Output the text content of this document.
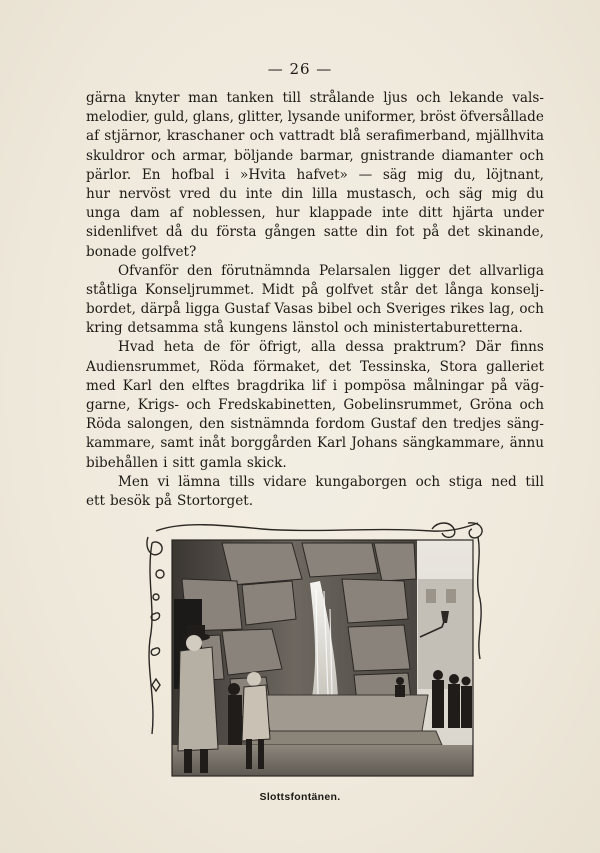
— 26 —
gärna knyter man tanken till strålande ljus och lekande vals-
melodier, guld, glans, glitter, lysande uniformer, bröst öfversållade
af stjärnor, kraschaner och vattradt blå serafimerband, mjällhvita
skuldror och armar, böljande barmar, gnistrande diamanter och
pärlor. En hofbal i »Hvita hafvet» — säg mig du, löjtnant,
hur nervöst vred du inte din lilla mustasch, och säg mig du
unga dam af noblessen, hur klappade inte ditt hjärta under
sidenlifvet då du första gången satte din fot på det skinande,
bonade golfvet?
Ofvanför den förutnämnda Pelarsalen ligger det allvarliga
ståtliga Konseljrummet. Midt på golfvet står det långa konselj-
bordet, därpå ligga Gustaf Vasas bibel och Sveriges rikes lag, och
kring detsamma stå kungens länstol och ministertaburetterna.
Hvad heta de för öfrigt, alla dessa praktrum? Där finns
Audiensrummet, Röda förmaket, det Tessinska, Stora galleriet
med Karl den elftes bragdrika lif i pompösa målningar på väg-
garne, Krigs- och Fredskabinetten, Gobelinsrummet, Gröna och
Röda salongen, den sistnämnda fordom Gustaf den tredjes säng-
kammare, samt inåt borggården Karl Johans sängkammare, ännu
bibehållen i sitt gamla skick.
Men vi lämna tills vidare kungaborgen och stiga ned till
ett besök på Stortorget.
Slottsfontänen.
